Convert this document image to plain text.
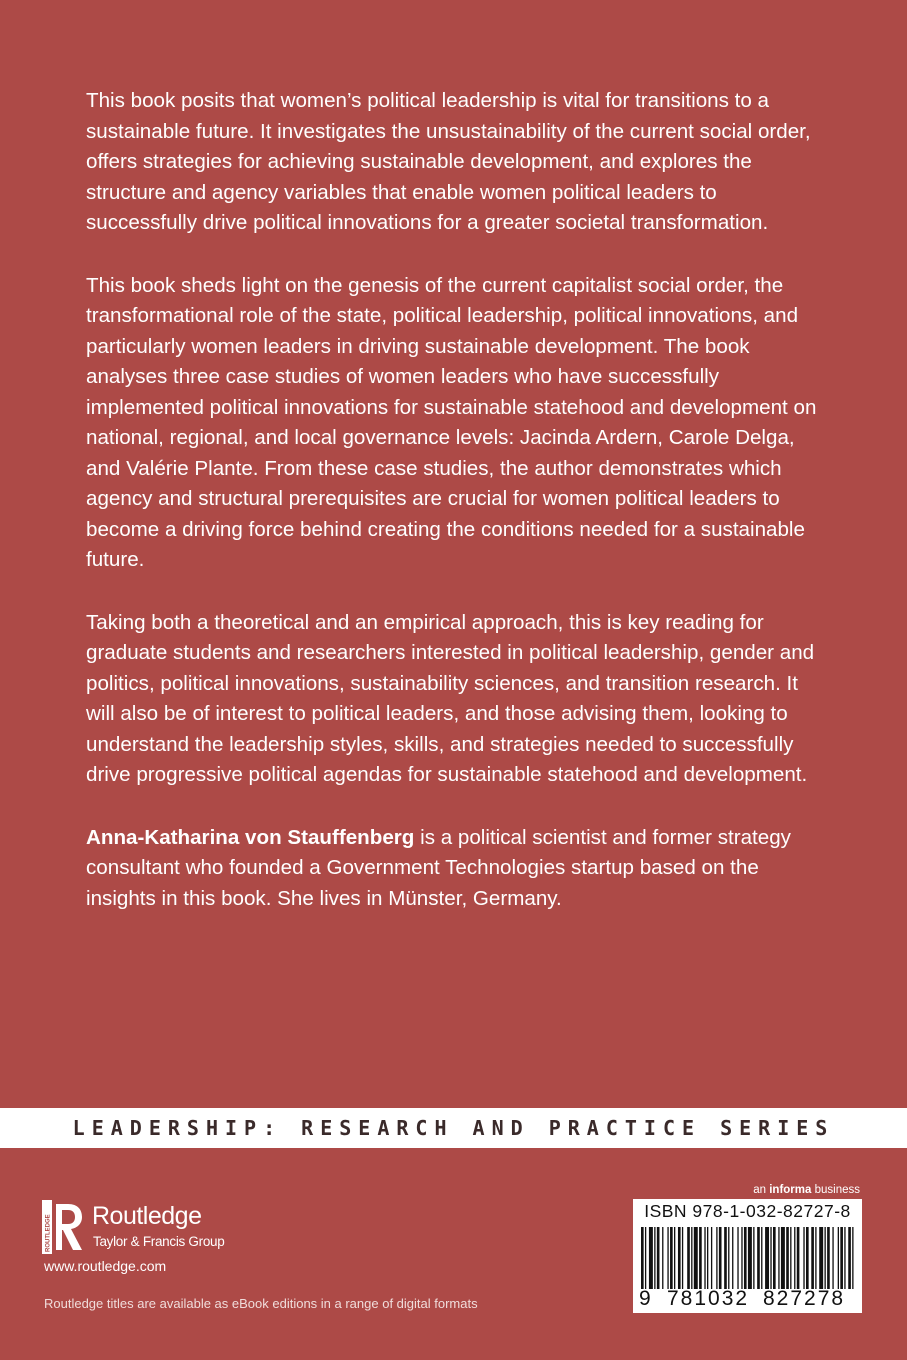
This book posits that women’s political leadership is vital for transitions to a sustainable future. It investigates the unsustainability of the current social order, offers strategies for achieving sustainable development, and explores the structure and agency variables that enable women political leaders to successfully drive political innovations for a greater societal transformation.

This book sheds light on the genesis of the current capitalist social order, the transformational role of the state, political leadership, political innovations, and particularly women leaders in driving sustainable development. The book analyses three case studies of women leaders who have successfully implemented political innovations for sustainable statehood and development on national, regional, and local governance levels: Jacinda Ardern, Carole Delga, and Valérie Plante. From these case studies, the author demonstrates which agency and structural prerequisites are crucial for women political leaders to become a driving force behind creating the conditions needed for a sustainable future.

Taking both a theoretical and an empirical approach, this is key reading for graduate students and researchers interested in political leadership, gender and politics, political innovations, sustainability sciences, and transition research. It will also be of interest to political leaders, and those advising them, looking to understand the leadership styles, skills, and strategies needed to successfully drive progressive political agendas for sustainable statehood and development.

Anna-Katharina von Stauffenberg is a political scientist and former strategy consultant who founded a Government Technologies startup based on the insights in this book. She lives in Münster, Germany.

LEADERSHIP: RESEARCH AND PRACTICE SERIES
ROUTLEDGE Routledge
Taylor & Francis Group
www.routledge.com
Routledge titles are available as eBook editions in a range of digital formats
an informa business
ISBN 978-1-032-82727-8
9 781032 827278
